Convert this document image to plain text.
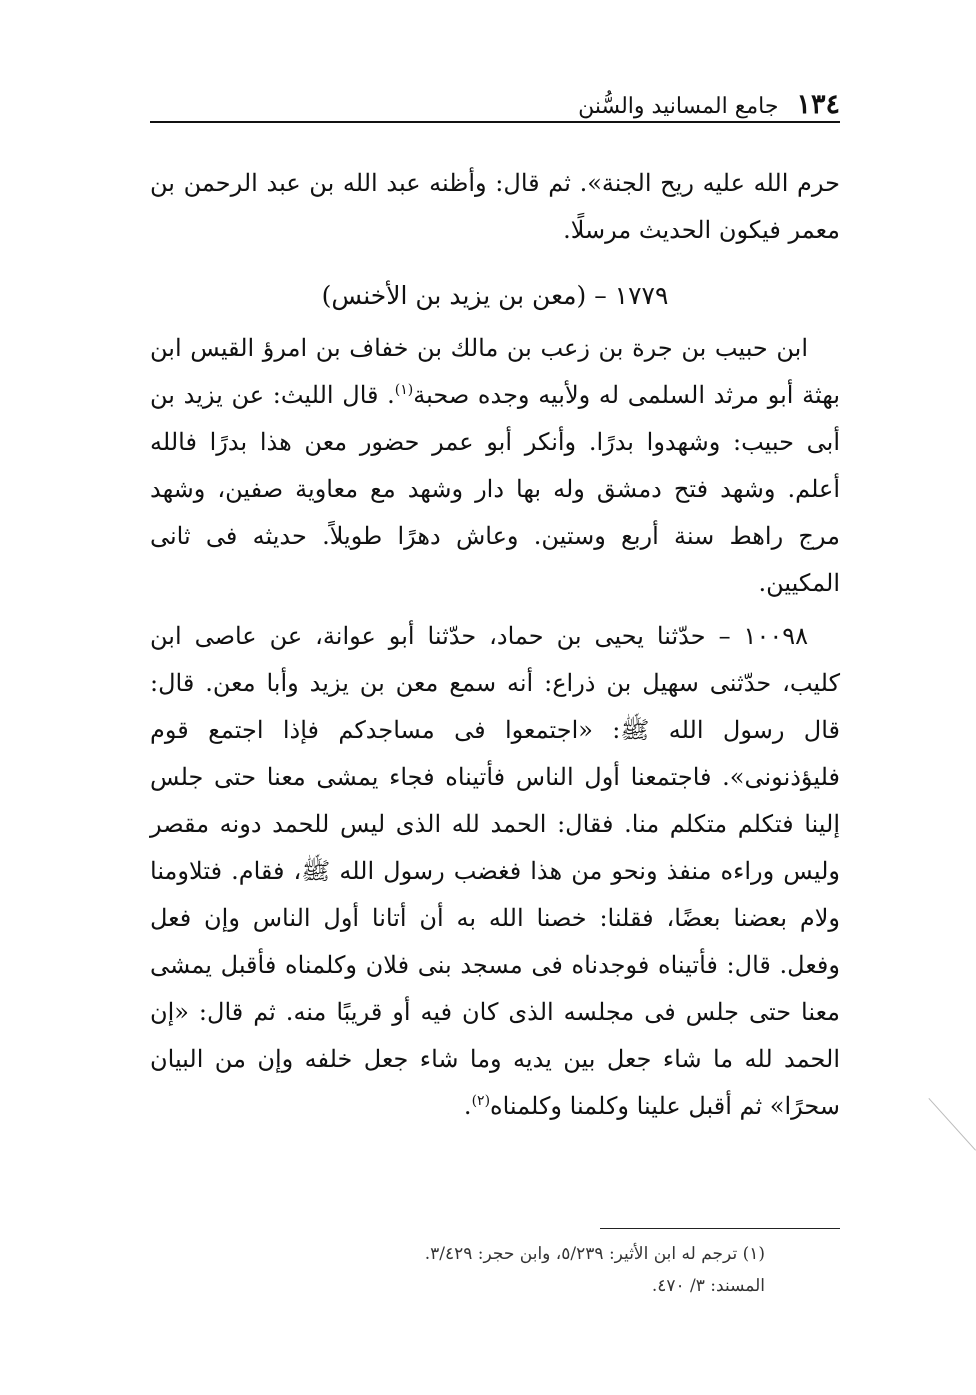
١٣٤
جامع المسانيد والسُّنن

حرم الله عليه ريح الجنة». ثم قال: وأظنه عبد الله بن عبد الرحمن بن معمر فيكون الحديث مرسلًا.

١٧٧٩ – (معن بن يزيد بن الأخنس)

ابن حبيب بن جرة بن زعب بن مالك بن خفاف بن امرؤ القيس ابن بهثة أبو مرثد السلمى له ولأبيه وجده صحبة$^{(١)}$. قال الليث: عن يزيد بن أبى حبيب: وشهدوا بدرًا. وأنكر أبو عمر حضور معن هذا بدرًا فالله أعلم. وشهد فتح دمشق وله بها دار وشهد مع معاوية صفين، وشهد مرج راهط سنة أربع وستين. وعاش دهرًا طويلاً. حديثه فى ثانى المكيين.

١٠٠٩٨ – حدّثنا يحيى بن حماد، حدّثنا أبو عوانة، عن عاصى ابن كليب، حدّثنى سهيل بن ذراع: أنه سمع معن بن يزيد وأبا معن. قال: قال رسول الله ﷺ: «اجتمعوا فى مساجدكم فإذا اجتمع قوم فليؤذنونى». فاجتمعنا أول الناس فأتيناه فجاء يمشى معنا حتى جلس إلينا فتكلم متكلم منا. فقال: الحمد لله الذى ليس للحمد دونه مقصر وليس وراءه منفذ ونحو من هذا فغضب رسول الله ﷺ، فقام. فتلاومنا ولام بعضنا بعضًا، فقلنا: خصنا الله به أن أتانا أول الناس وإن فعل وفعل. قال: فأتيناه فوجدناه فى مسجد بنى فلان وكلمناه فأقبل يمشى معنا حتى جلس فى مجلسه الذى كان فيه أو قريبًا منه. ثم قال: «إن الحمد لله ما شاء جعل بين يديه وما شاء جعل خلفه وإن من البيان سحرًا» ثم أقبل علينا وكلمنا وكلمناه$^{(٢)}$.

(١) ترجم له ابن الأثير: ٥/٢٣٩، وابن حجر: ٣/٤٢٩.

المسند: ٣/ ٤٧٠.
